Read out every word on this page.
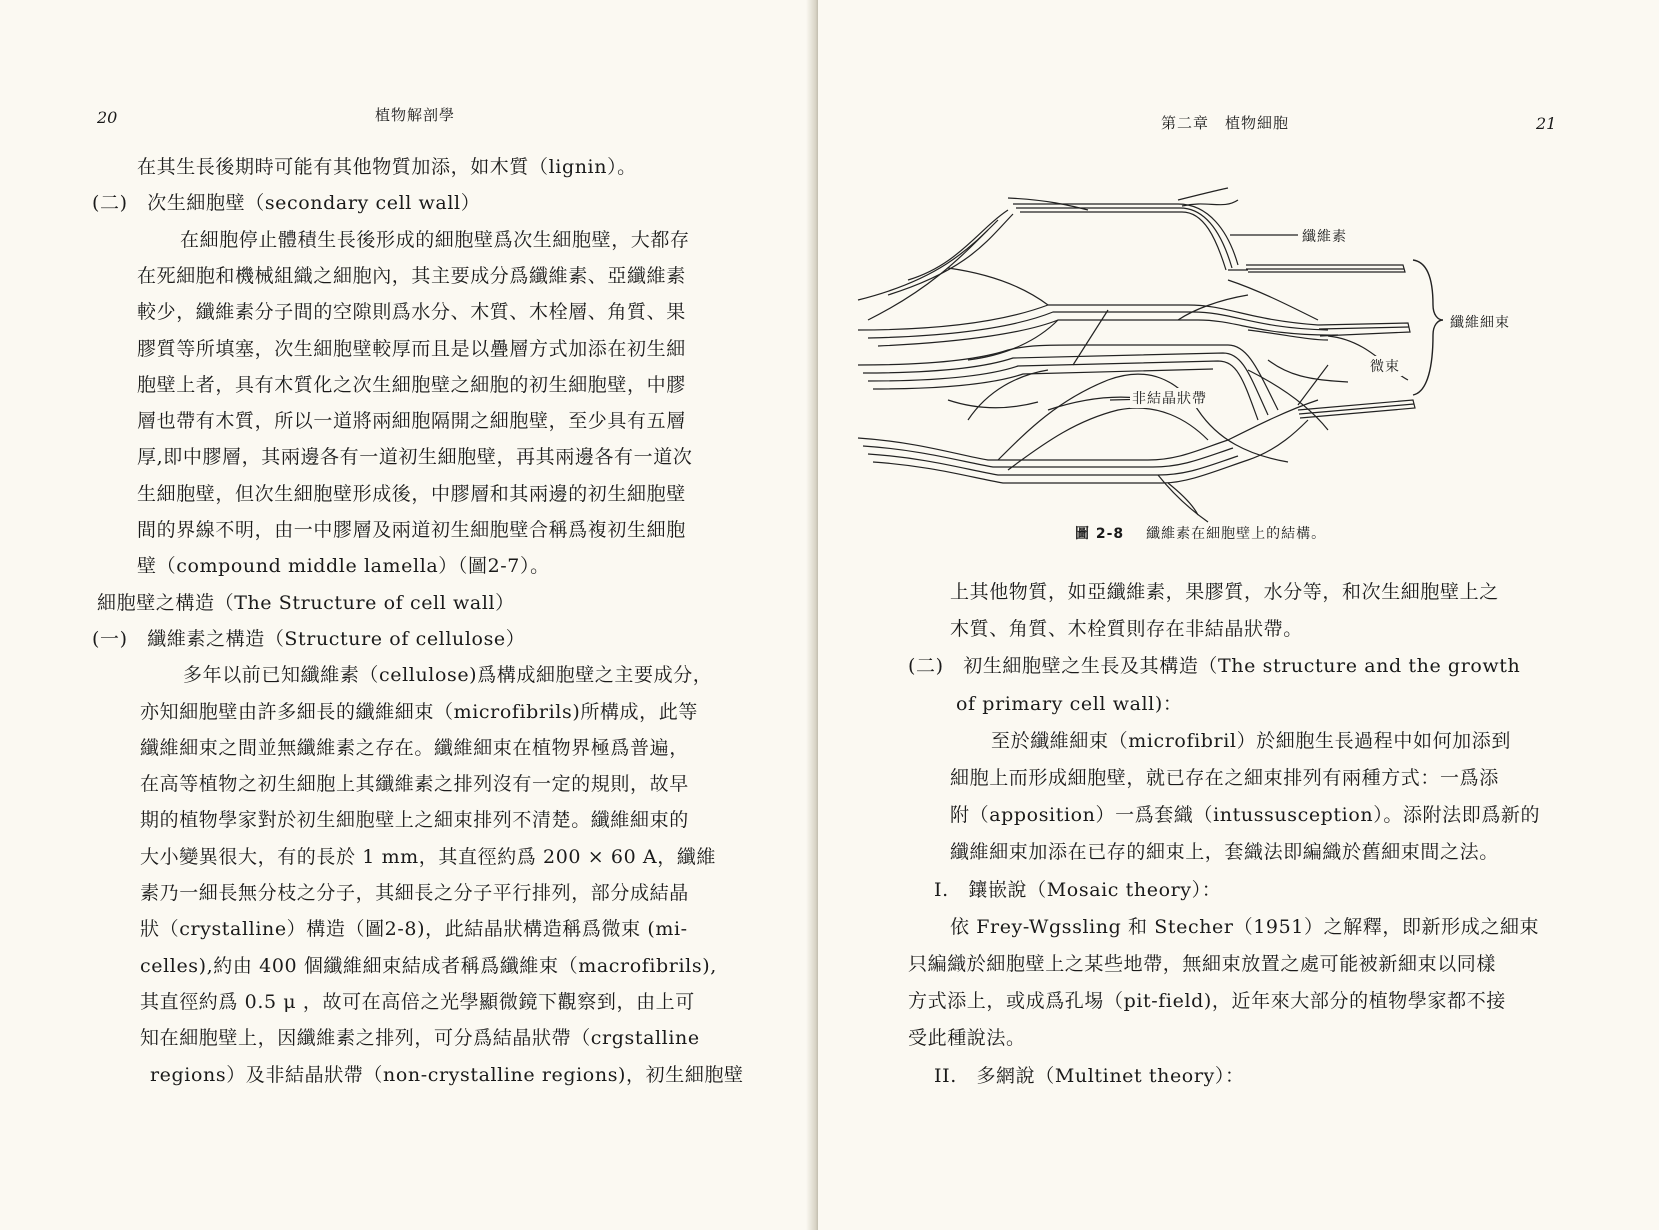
20	植物解剖學
在其生長後期時可能有其他物質加添，如木質（lignin）。
(二)　次生細胞壁（secondary cell wall）
在細胞停止體積生長後形成的細胞壁爲次生細胞壁，大都存
在死細胞和機械組織之細胞內，其主要成分爲纖維素、亞纖維素
較少，纖維素分子間的空隙則爲水分、木質、木栓層、角質、果
膠質等所填塞，次生細胞壁較厚而且是以疊層方式加添在初生細
胞壁上者，具有木質化之次生細胞壁之細胞的初生細胞壁，中膠
層也帶有木質，所以一道將兩細胞隔開之細胞壁，至少具有五層
厚,即中膠層，其兩邊各有一道初生細胞壁，再其兩邊各有一道次
生細胞壁，但次生細胞壁形成後，中膠層和其兩邊的初生細胞壁
間的界線不明，由一中膠層及兩道初生細胞壁合稱爲複初生細胞
壁（compound middle lamella）（圖2-7）。
細胞壁之構造（The Structure of cell wall）
(一)　纖維素之構造（Structure of cellulose）
多年以前已知纖維素（cellulose)爲構成細胞壁之主要成分，
亦知細胞壁由許多細長的纖維細束（microfibrils)所構成，此等
纖維細束之間並無纖維素之存在。纖維細束在植物界極爲普遍，
在高等植物之初生細胞上其纖維素之排列沒有一定的規則，故早
期的植物學家對於初生細胞壁上之細束排列不清楚。纖維細束的
大小變異很大，有的長於 1 mm，其直徑約爲 200 × 60 A，纖維
素乃一細長無分枝之分子，其細長之分子平行排列，部分成結晶
狀（crystalline）構造（圖2-8)，此結晶狀構造稱爲微束 (mi-
celles),約由 400 個纖維細束結成者稱爲纖維束（macrofibrils),
其直徑約爲 0.5 μ ，故可在高倍之光學顯微鏡下觀察到，由上可
知在細胞壁上，因纖維素之排列，可分爲結晶狀帶（crgstalline
regions）及非結晶狀帶（non-crystalline regions)，初生細胞壁
第二章　植物細胞	21
纖維素
纖維細束
微束
非結晶狀帶
圖 2-8 纖維素在細胞壁上的結構。
上其他物質，如亞纖維素，果膠質，水分等，和次生細胞壁上之
木質、角質、木栓質則存在非結晶狀帶。
(二)　初生細胞壁之生長及其構造（The structure and the growth
of primary cell wall)：
至於纖維細束（microfibril）於細胞生長過程中如何加添到
細胞上而形成細胞壁，就已存在之細束排列有兩種方式：一爲添
附（apposition）一爲套織（intussusception）。添附法即爲新的
纖維細束加添在已存的細束上，套織法即編織於舊細束間之法。
I.　鑲嵌說（Mosaic theory）：
依 Frey-Wgssling 和 Stecher（1951）之解釋，即新形成之細束
只編織於細胞壁上之某些地帶，無細束放置之處可能被新細束以同樣
方式添上，或成爲孔埸（pit-field)，近年來大部分的植物學家都不接
受此種說法。
II.　多網說（Multinet theory）：
